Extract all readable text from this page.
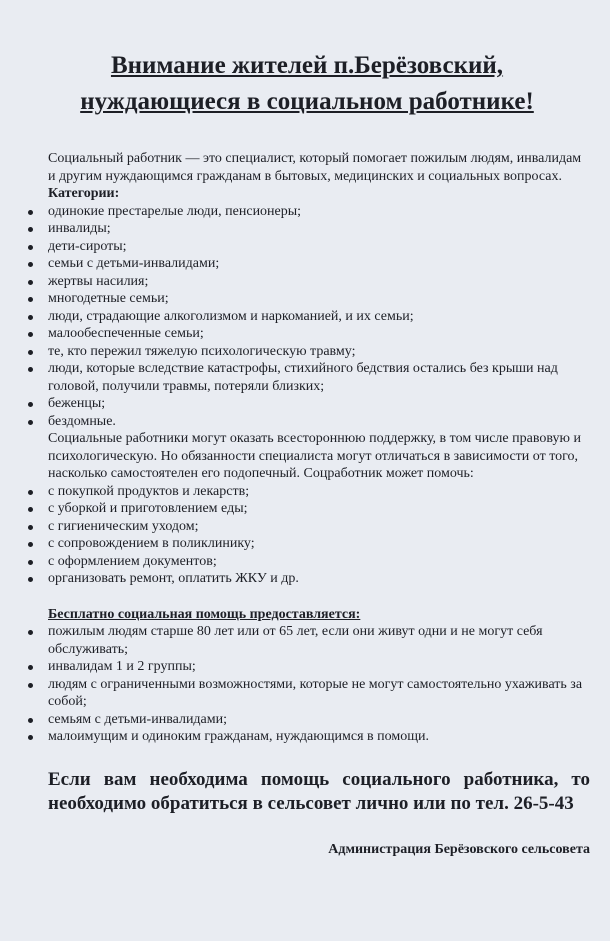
Внимание жителей п.Берёзовский,
нуждающиеся в социальном работнике!

Социальный работник — это специалист, который помогает пожилым людям, инвалидам и другим нуждающимся гражданам в бытовых, медицинских и социальных вопросах. Категории:

одинокие престарелые люди, пенсионеры;
инвалиды;
дети-сироты;
семьи с детьми-инвалидами;
жертвы насилия;
многодетные семьи;
люди, страдающие алкоголизмом и наркоманией, и их семьи;
малообеспеченные семьи;
те, кто пережил тяжелую психологическую травму;
люди, которые вследствие катастрофы, стихийного бедствия остались без крыши над головой, получили травмы, потеряли близких;
беженцы;
бездомные.

Социальные работники могут оказать всестороннюю поддержку, в том числе правовую и психологическую. Но обязанности специалиста могут отличаться в зависимости от того, насколько самостоятелен его подопечный. Соцработник может помочь:

с покупкой продуктов и лекарств;
с уборкой и приготовлением еды;
с гигиеническим уходом;
с сопровождением в поликлинику;
с оформлением документов;
организовать ремонт, оплатить ЖКУ и др.

Бесплатно социальная помощь предоставляется:

пожилым людям старше 80 лет или от 65 лет, если они живут одни и не могут себя обслуживать;
инвалидам 1 и 2 группы;
людям с ограниченными возможностями, которые не могут самостоятельно ухаживать за собой;
семьям с детьми-инвалидами;
малоимущим и одиноким гражданам, нуждающимся в помощи.

Если вам необходима помощь социального работника, то необходимо обратиться в сельсовет лично или по тел. 26-5-43

Администрация Берёзовского сельсовета
